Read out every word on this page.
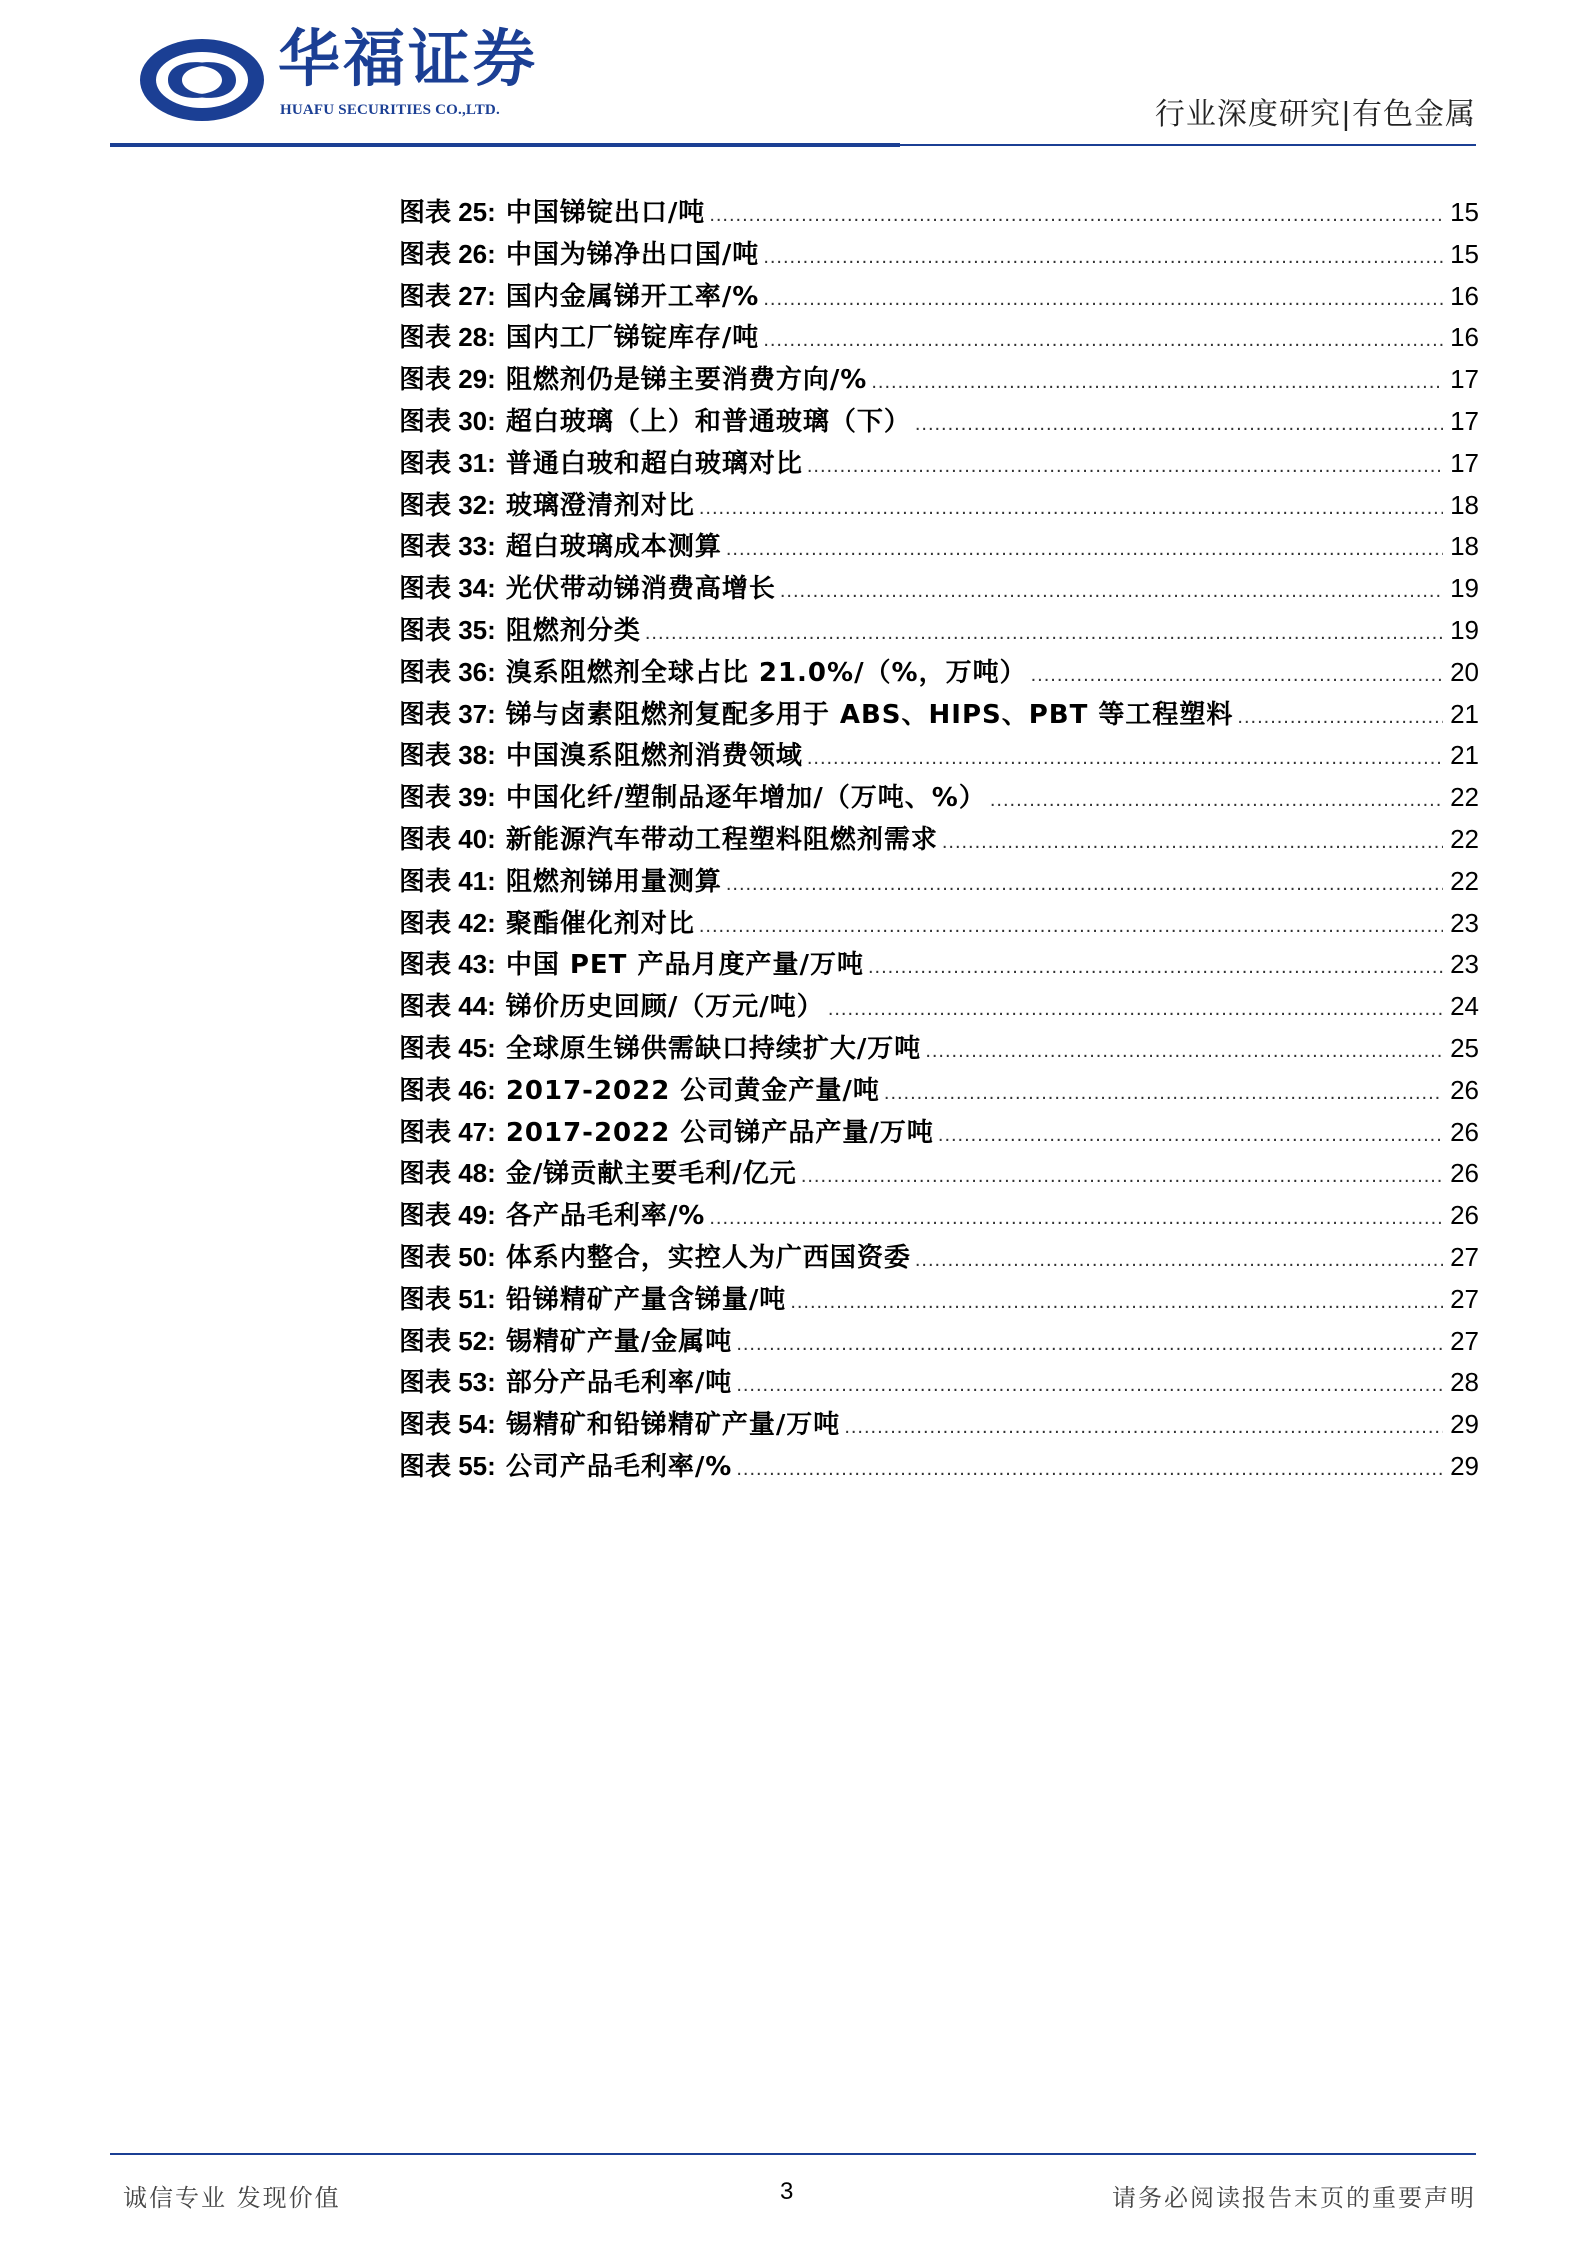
华福证券
HUAFU SECURITIES CO.,LTD.	行业深度研究|有色金属
图表 25: 中国锑锭出口/吨 .....	15
图表 26: 中国为锑净出口国/吨 .....	15
图表 27: 国内金属锑开工率/% .....	16
图表 28: 国内工厂锑锭库存/吨 .....	16
图表 29: 阻燃剂仍是锑主要消费方向/% .....	17
图表 30: 超白玻璃（上）和普通玻璃（下） .....	17
图表 31: 普通白玻和超白玻璃对比 .....	17
图表 32: 玻璃澄清剂对比 .....	18
图表 33: 超白玻璃成本测算 .....	18
图表 34: 光伏带动锑消费高增长 .....	19
图表 35: 阻燃剂分类 .....	19
图表 36: 溴系阻燃剂全球占比 21.0%/（%，万吨） .....	20
图表 37: 锑与卤素阻燃剂复配多用于 ABS、HIPS、PBT 等工程塑料 .....	21
图表 38: 中国溴系阻燃剂消费领域 .....	21
图表 39: 中国化纤/塑制品逐年增加/（万吨、%） .....	22
图表 40: 新能源汽车带动工程塑料阻燃剂需求 .....	22
图表 41: 阻燃剂锑用量测算 .....	22
图表 42: 聚酯催化剂对比 .....	23
图表 43: 中国 PET 产品月度产量/万吨 .....	23
图表 44: 锑价历史回顾/（万元/吨） .....	24
图表 45: 全球原生锑供需缺口持续扩大/万吨 .....	25
图表 46: 2017-2022 公司黄金产量/吨 .....	26
图表 47: 2017-2022 公司锑产品产量/万吨 .....	26
图表 48: 金/锑贡献主要毛利/亿元 .....	26
图表 49: 各产品毛利率/% .....	26
图表 50: 体系内整合，实控人为广西国资委 .....	27
图表 51: 铅锑精矿产量含锑量/吨 .....	27
图表 52: 锡精矿产量/金属吨 .....	27
图表 53: 部分产品毛利率/吨 .....	28
图表 54: 锡精矿和铅锑精矿产量/万吨 .....	29
图表 55: 公司产品毛利率/% .....	29
诚信专业 发现价值	3	请务必阅读报告末页的重要声明
